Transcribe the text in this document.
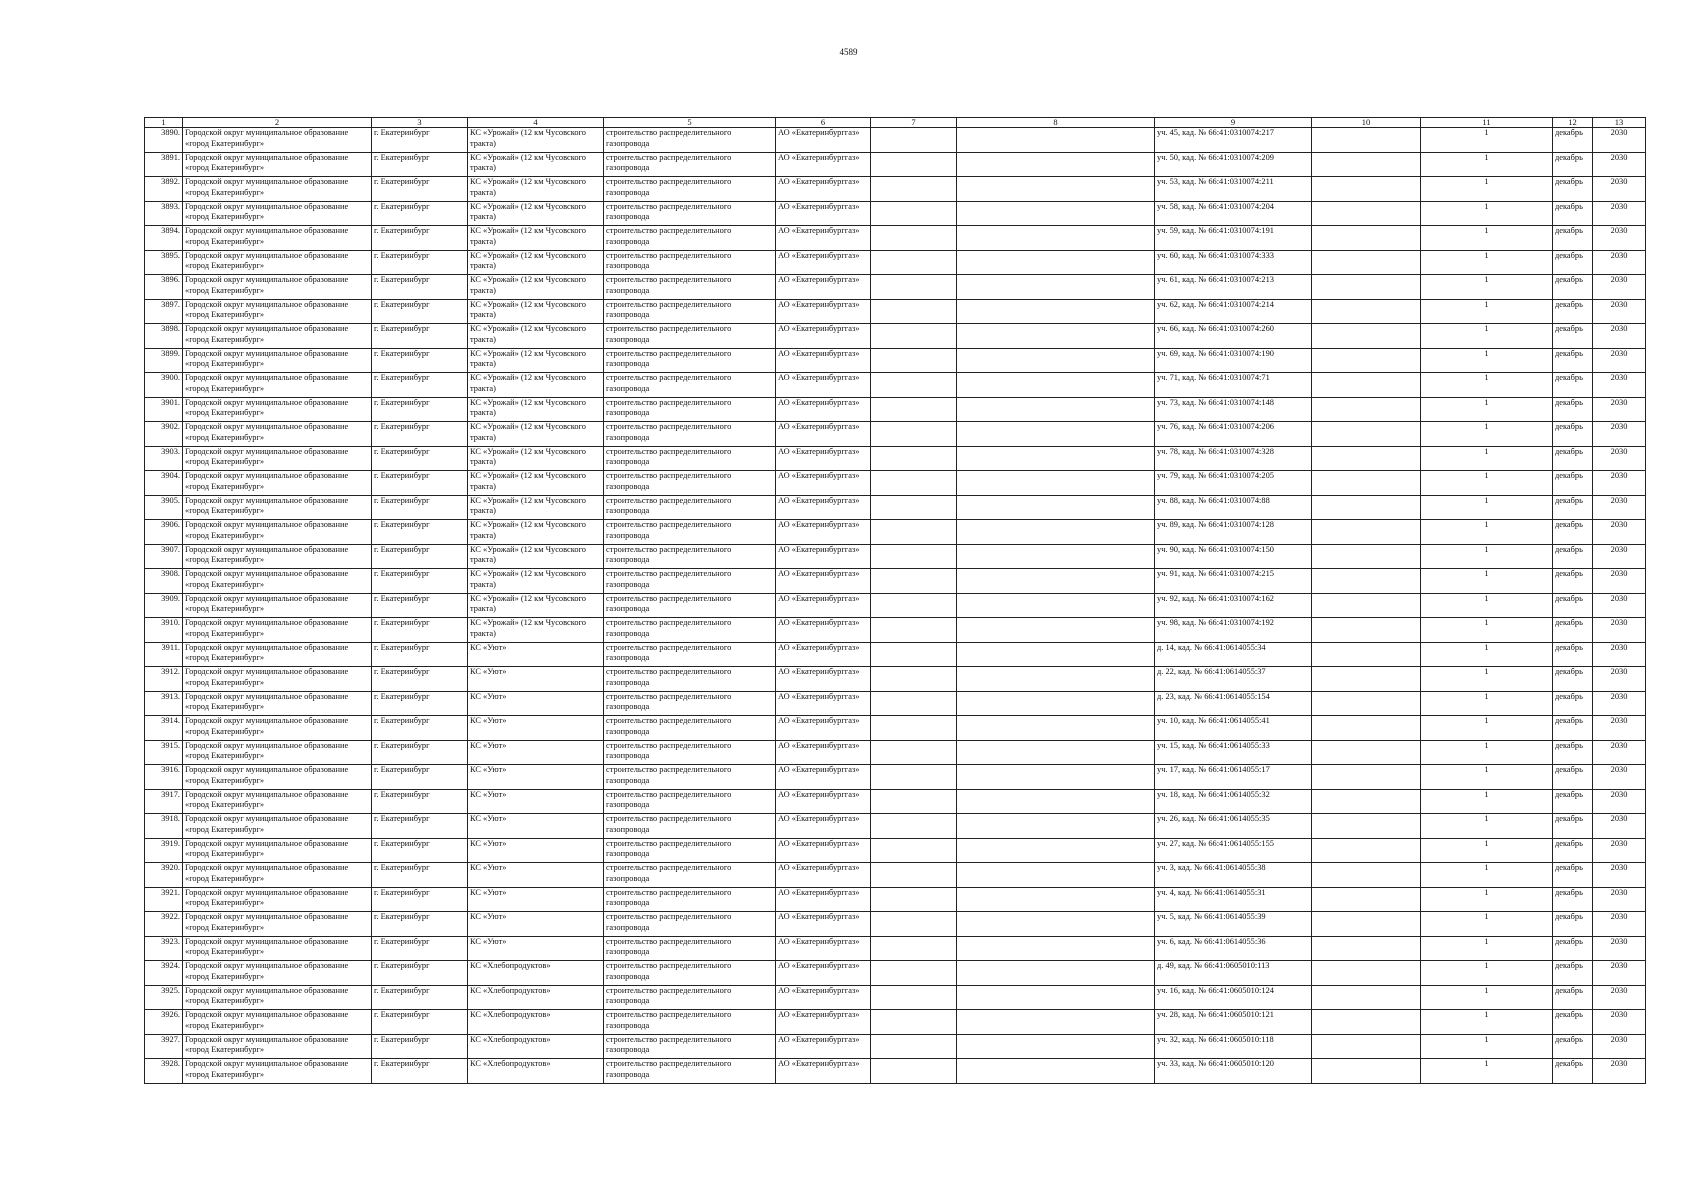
4589
1	2	3	4	5	6	7	8	9	10	11	12	13
3890.	Городской округ муниципальное образование «город Екатеринбург»	г. Екатеринбург	КС «Урожай» (12 км Чусовского тракта)	строительство распределительного газопровода	АО «Екатеринбурггаз»			уч. 45, кад. № 66:41:0310074:217		1	декабрь	2030
3891.	Городской округ муниципальное образование «город Екатеринбург»	г. Екатеринбург	КС «Урожай» (12 км Чусовского тракта)	строительство распределительного газопровода	АО «Екатеринбурггаз»			уч. 50, кад. № 66:41:0310074:209		1	декабрь	2030
3892.	Городской округ муниципальное образование «город Екатеринбург»	г. Екатеринбург	КС «Урожай» (12 км Чусовского тракта)	строительство распределительного газопровода	АО «Екатеринбурггаз»			уч. 53, кад. № 66:41:0310074:211		1	декабрь	2030
3893.	Городской округ муниципальное образование «город Екатеринбург»	г. Екатеринбург	КС «Урожай» (12 км Чусовского тракта)	строительство распределительного газопровода	АО «Екатеринбурггаз»			уч. 58, кад. № 66:41:0310074:204		1	декабрь	2030
3894.	Городской округ муниципальное образование «город Екатеринбург»	г. Екатеринбург	КС «Урожай» (12 км Чусовского тракта)	строительство распределительного газопровода	АО «Екатеринбурггаз»			уч. 59, кад. № 66:41:0310074:191		1	декабрь	2030
3895.	Городской округ муниципальное образование «город Екатеринбург»	г. Екатеринбург	КС «Урожай» (12 км Чусовского тракта)	строительство распределительного газопровода	АО «Екатеринбурггаз»			уч. 60, кад. № 66:41:0310074:333		1	декабрь	2030
3896.	Городской округ муниципальное образование «город Екатеринбург»	г. Екатеринбург	КС «Урожай» (12 км Чусовского тракта)	строительство распределительного газопровода	АО «Екатеринбурггаз»			уч. 61, кад. № 66:41:0310074:213		1	декабрь	2030
3897.	Городской округ муниципальное образование «город Екатеринбург»	г. Екатеринбург	КС «Урожай» (12 км Чусовского тракта)	строительство распределительного газопровода	АО «Екатеринбурггаз»			уч. 62, кад. № 66:41:0310074:214		1	декабрь	2030
3898.	Городской округ муниципальное образование «город Екатеринбург»	г. Екатеринбург	КС «Урожай» (12 км Чусовского тракта)	строительство распределительного газопровода	АО «Екатеринбурггаз»			уч. 66, кад. № 66:41:0310074:260		1	декабрь	2030
3899.	Городской округ муниципальное образование «город Екатеринбург»	г. Екатеринбург	КС «Урожай» (12 км Чусовского тракта)	строительство распределительного газопровода	АО «Екатеринбурггаз»			уч. 69, кад. № 66:41:0310074:190		1	декабрь	2030
3900.	Городской округ муниципальное образование «город Екатеринбург»	г. Екатеринбург	КС «Урожай» (12 км Чусовского тракта)	строительство распределительного газопровода	АО «Екатеринбурггаз»			уч. 71, кад. № 66:41:0310074:71		1	декабрь	2030
3901.	Городской округ муниципальное образование «город Екатеринбург»	г. Екатеринбург	КС «Урожай» (12 км Чусовского тракта)	строительство распределительного газопровода	АО «Екатеринбурггаз»			уч. 73, кад. № 66:41:0310074:148		1	декабрь	2030
3902.	Городской округ муниципальное образование «город Екатеринбург»	г. Екатеринбург	КС «Урожай» (12 км Чусовского тракта)	строительство распределительного газопровода	АО «Екатеринбурггаз»			уч. 76, кад. № 66:41:0310074:206		1	декабрь	2030
3903.	Городской округ муниципальное образование «город Екатеринбург»	г. Екатеринбург	КС «Урожай» (12 км Чусовского тракта)	строительство распределительного газопровода	АО «Екатеринбурггаз»			уч. 78, кад. № 66:41:0310074:328		1	декабрь	2030
3904.	Городской округ муниципальное образование «город Екатеринбург»	г. Екатеринбург	КС «Урожай» (12 км Чусовского тракта)	строительство распределительного газопровода	АО «Екатеринбурггаз»			уч. 79, кад. № 66:41:0310074:205		1	декабрь	2030
3905.	Городской округ муниципальное образование «город Екатеринбург»	г. Екатеринбург	КС «Урожай» (12 км Чусовского тракта)	строительство распределительного газопровода	АО «Екатеринбурггаз»			уч. 88, кад. № 66:41:0310074:88		1	декабрь	2030
3906.	Городской округ муниципальное образование «город Екатеринбург»	г. Екатеринбург	КС «Урожай» (12 км Чусовского тракта)	строительство распределительного газопровода	АО «Екатеринбурггаз»			уч. 89, кад. № 66:41:0310074:128		1	декабрь	2030
3907.	Городской округ муниципальное образование «город Екатеринбург»	г. Екатеринбург	КС «Урожай» (12 км Чусовского тракта)	строительство распределительного газопровода	АО «Екатеринбурггаз»			уч. 90, кад. № 66:41:0310074:150		1	декабрь	2030
3908.	Городской округ муниципальное образование «город Екатеринбург»	г. Екатеринбург	КС «Урожай» (12 км Чусовского тракта)	строительство распределительного газопровода	АО «Екатеринбурггаз»			уч. 91, кад. № 66:41:0310074:215		1	декабрь	2030
3909.	Городской округ муниципальное образование «город Екатеринбург»	г. Екатеринбург	КС «Урожай» (12 км Чусовского тракта)	строительство распределительного газопровода	АО «Екатеринбурггаз»			уч. 92, кад. № 66:41:0310074:162		1	декабрь	2030
3910.	Городской округ муниципальное образование «город Екатеринбург»	г. Екатеринбург	КС «Урожай» (12 км Чусовского тракта)	строительство распределительного газопровода	АО «Екатеринбурггаз»			уч. 98, кад. № 66:41:0310074:192		1	декабрь	2030
3911.	Городской округ муниципальное образование «город Екатеринбург»	г. Екатеринбург	КС «Уют»	строительство распределительного газопровода	АО «Екатеринбурггаз»			д. 14, кад. № 66:41:0614055:34		1	декабрь	2030
3912.	Городской округ муниципальное образование «город Екатеринбург»	г. Екатеринбург	КС «Уют»	строительство распределительного газопровода	АО «Екатеринбурггаз»			д. 22, кад. № 66:41:0614055:37		1	декабрь	2030
3913.	Городской округ муниципальное образование «город Екатеринбург»	г. Екатеринбург	КС «Уют»	строительство распределительного газопровода	АО «Екатеринбурггаз»			д. 23, кад. № 66:41:0614055:154		1	декабрь	2030
3914.	Городской округ муниципальное образование «город Екатеринбург»	г. Екатеринбург	КС «Уют»	строительство распределительного газопровода	АО «Екатеринбурггаз»			уч. 10, кад. № 66:41:0614055:41		1	декабрь	2030
3915.	Городской округ муниципальное образование «город Екатеринбург»	г. Екатеринбург	КС «Уют»	строительство распределительного газопровода	АО «Екатеринбурггаз»			уч. 15, кад. № 66:41:0614055:33		1	декабрь	2030
3916.	Городской округ муниципальное образование «город Екатеринбург»	г. Екатеринбург	КС «Уют»	строительство распределительного газопровода	АО «Екатеринбурггаз»			уч. 17, кад. № 66:41:0614055:17		1	декабрь	2030
3917.	Городской округ муниципальное образование «город Екатеринбург»	г. Екатеринбург	КС «Уют»	строительство распределительного газопровода	АО «Екатеринбурггаз»			уч. 18, кад. № 66:41:0614055:32		1	декабрь	2030
3918.	Городской округ муниципальное образование «город Екатеринбург»	г. Екатеринбург	КС «Уют»	строительство распределительного газопровода	АО «Екатеринбурггаз»			уч. 26, кад. № 66:41:0614055:35		1	декабрь	2030
3919.	Городской округ муниципальное образование «город Екатеринбург»	г. Екатеринбург	КС «Уют»	строительство распределительного газопровода	АО «Екатеринбурггаз»			уч. 27, кад. № 66:41:0614055:155		1	декабрь	2030
3920.	Городской округ муниципальное образование «город Екатеринбург»	г. Екатеринбург	КС «Уют»	строительство распределительного газопровода	АО «Екатеринбурггаз»			уч. 3, кад. № 66:41:0614055:38		1	декабрь	2030
3921.	Городской округ муниципальное образование «город Екатеринбург»	г. Екатеринбург	КС «Уют»	строительство распределительного газопровода	АО «Екатеринбурггаз»			уч. 4, кад. № 66:41:0614055:31		1	декабрь	2030
3922.	Городской округ муниципальное образование «город Екатеринбург»	г. Екатеринбург	КС «Уют»	строительство распределительного газопровода	АО «Екатеринбурггаз»			уч. 5, кад. № 66:41:0614055:39		1	декабрь	2030
3923.	Городской округ муниципальное образование «город Екатеринбург»	г. Екатеринбург	КС «Уют»	строительство распределительного газопровода	АО «Екатеринбурггаз»			уч. 6, кад. № 66:41:0614055:36		1	декабрь	2030
3924.	Городской округ муниципальное образование «город Екатеринбург»	г. Екатеринбург	КС «Хлебопродуктов»	строительство распределительного газопровода	АО «Екатеринбурггаз»			д. 49, кад. № 66:41:0605010:113		1	декабрь	2030
3925.	Городской округ муниципальное образование «город Екатеринбург»	г. Екатеринбург	КС «Хлебопродуктов»	строительство распределительного газопровода	АО «Екатеринбурггаз»			уч. 16, кад. № 66:41:0605010:124		1	декабрь	2030
3926.	Городской округ муниципальное образование «город Екатеринбург»	г. Екатеринбург	КС «Хлебопродуктов»	строительство распределительного газопровода	АО «Екатеринбурггаз»			уч. 28, кад. № 66:41:0605010:121		1	декабрь	2030
3927.	Городской округ муниципальное образование «город Екатеринбург»	г. Екатеринбург	КС «Хлебопродуктов»	строительство распределительного газопровода	АО «Екатеринбурггаз»			уч. 32, кад. № 66:41:0605010:118		1	декабрь	2030
3928.	Городской округ муниципальное образование «город Екатеринбург»	г. Екатеринбург	КС «Хлебопродуктов»	строительство распределительного газопровода	АО «Екатеринбурггаз»			уч. 33, кад. № 66:41:0605010:120		1	декабрь	2030
